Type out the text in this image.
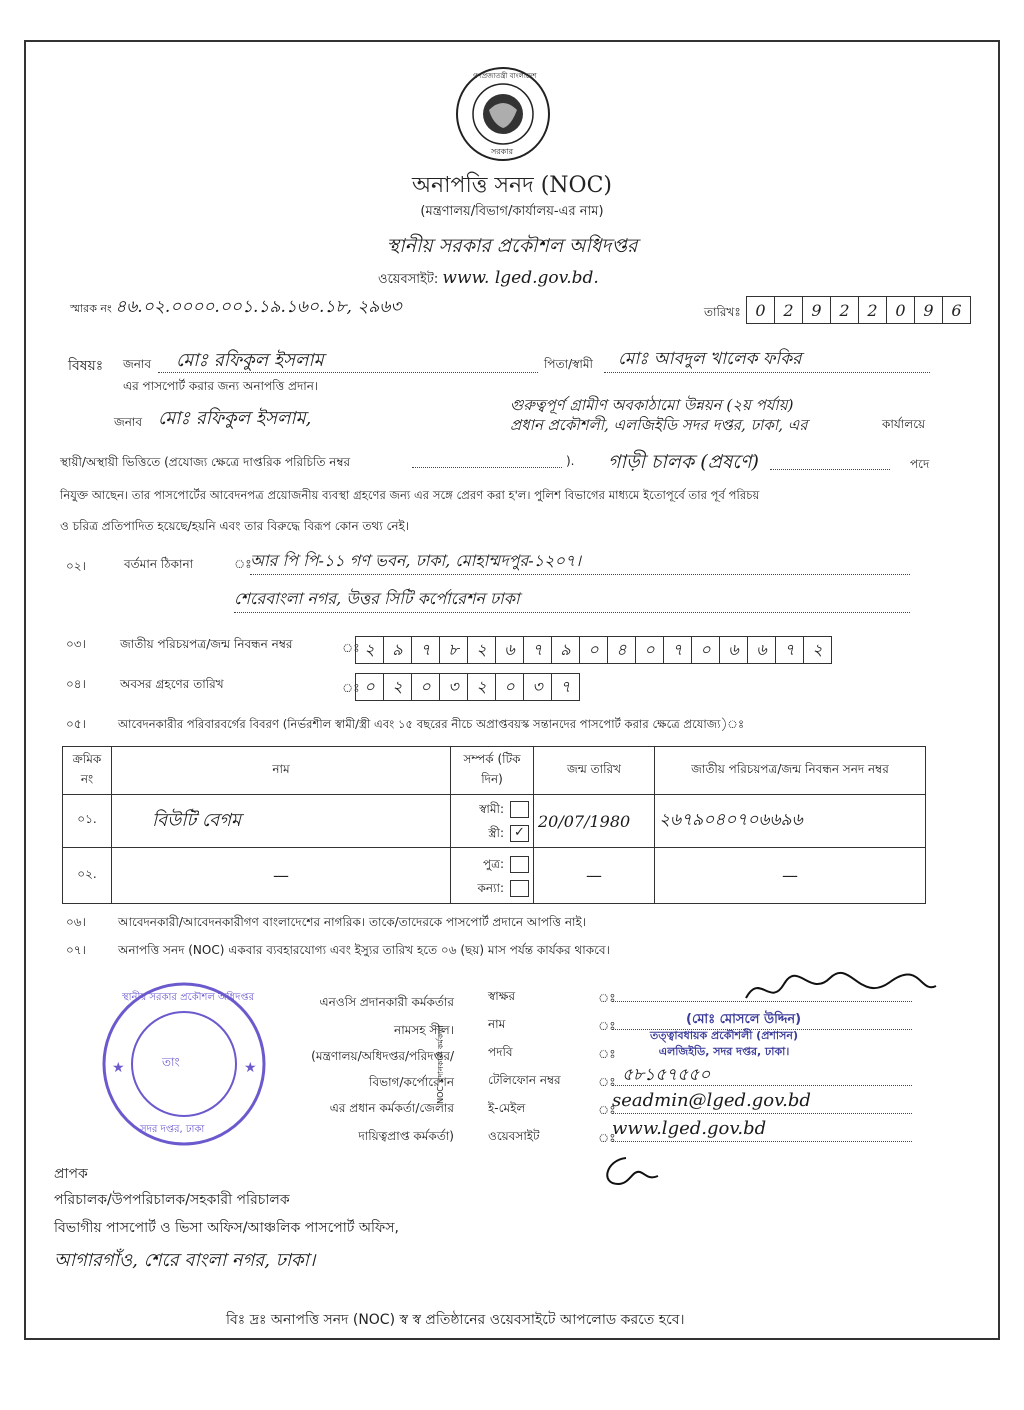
গণপ্রজাতন্ত্রী বাংলাদেশ
সরকার
অনাপত্তি সনদ (NOC)
(মন্ত্রণালয়/বিভাগ/কার্যালয়-এর নাম)
স্থানীয় সরকার প্রকৌশল অধিদপ্তর
ওয়েবসাইট: www. lged.gov.bd.
স্মারক নং ৪৬.০২.০০০০.০০১.১৯.১৬০.১৮, ২৯৬৩	তারিখঃ 0	2	9	2	2	0	9	6
বিষয়ঃ জনাব	মোঃ রফিকুল ইসলাম	পিতা/স্বামী	মোঃ আবদুল খালেক ফকির
এর পাসপোর্ট করার জন্য অনাপত্তি প্রদান।
জনাব মোঃ রফিকুল ইসলাম,
গুরুত্বপূর্ণ গ্রামীণ অবকাঠামো উন্নয়ন (২য় পর্যায়)
প্রধান প্রকৌশলী, এলজিইডি সদর দপ্তর, ঢাকা, এর	কার্যালয়ে
স্থায়ী/অস্থায়ী ভিত্তিতে (প্রযোজ্য ক্ষেত্রে দাপ্তরিক পরিচিতি নম্বর	). গাড়ী চালক (প্রষণে)	পদে
নিযুক্ত আছেন। তার পাসপোর্টের আবেদনপত্র প্রয়োজনীয় ব্যবস্থা গ্রহণের জন্য এর সঙ্গে প্রেরণ করা হ'ল। পুলিশ বিভাগের মাধ্যমে ইতোপূর্বে তার পূর্ব পরিচয়
ও চরিত্র প্রতিপাদিত হয়েছে/হয়নি এবং তার বিরুদ্ধে বিরূপ কোন তথ্য নেই।
০২।	বর্তমান ঠিকানা	ঃ
আর পি পি-১১ গণ ভবন, ঢাকা, মোহাম্মদপুর-১২০৭।
শেরেবাংলা নগর, উত্তর সিটি কর্পোরেশন ঢাকা
০৩।	জাতীয় পরিচয়পত্র/জন্ম নিবন্ধন নম্বর	ঃ ২	৯	৭	৮	২	৬	৭	৯	০	৪	০	৭	০	৬	৬	৭	২
০৪।	অবসর গ্রহণের তারিখ	ঃ ০	২	০	৩	২	০	৩	৭
০৫।	আবেদনকারীর পরিবারবর্গের বিবরণ (নির্ভরশীল স্বামী/স্ত্রী এবং ১৫ বছরের নীচে অপ্রাপ্তবয়স্ক সন্তানদের পাসপোর্ট করার ক্ষেত্রে প্রযোজ্য)ঃ
ক্রমিক নং	নাম	সম্পর্ক (টিক দিন)	জন্ম তারিখ	জাতীয় পরিচয়পত্র/জন্ম নিবন্ধন সনদ নম্বর
০১.	বিউটি বেগম	স্বামী:
স্ত্রী: ✓	20/07/1980	২৬৭৯০৪০৭০৬৬৯৬
০২.	—	পুত্র:
কন্যা:	—	—
০৬।	আবেদনকারী/আবেদনকারীগণ বাংলাদেশের নাগরিক। তাকে/তাদেরকে পাসপোর্ট প্রদানে আপত্তি নাই।
০৭।	অনাপত্তি সনদ (NOC) একবার ব্যবহারযোগ্য এবং ইস্যুর তারিখ হতে ০৬ (ছয়) মাস পর্যন্ত কার্যকর থাকবে।
★	★
স্থানীয় সরকার প্রকৌশল অধিদপ্তর
তাং
সদর দপ্তর, ঢাকা
এনওসি প্রদানকারী কর্মকর্তার
নামসহ সীল।
(মন্ত্রণালয়/অধিদপ্তর/পরিদপ্তর/
বিভাগ/কর্পোরেশন
এর প্রধান কর্মকর্তা/জেলার
দায়িত্বপ্রাপ্ত কর্মকর্তা)
NOC প্রদানকারী কর্মকর্তা
স্বাক্ষর	ঃ
নাম	ঃ	(মোঃ মোসলে উদ্দিন)
পদবি	ঃ
তত্ত্বাবধায়ক প্রকৌশলী (প্রশাসন) এলজিইডি, সদর দপ্তর, ঢাকা।
টেলিফোন নম্বর	ঃ ৫৮১৫৭৫৫০
ই-মেইল	ঃ
seadmin@lged.gov.bd
ওয়েবসাইট	ঃ
www.lged.gov.bd
প্রাপক
পরিচালক/উপপরিচালক/সহকারী পরিচালক
বিভাগীয় পাসপোর্ট ও ভিসা অফিস/আঞ্চলিক পাসপোর্ট অফিস,
আগারগাঁও, শেরে বাংলা নগর, ঢাকা।
বিঃ দ্রঃ অনাপত্তি সনদ (NOC) স্ব স্ব প্রতিষ্ঠানের ওয়েবসাইটে আপলোড করতে হবে।
